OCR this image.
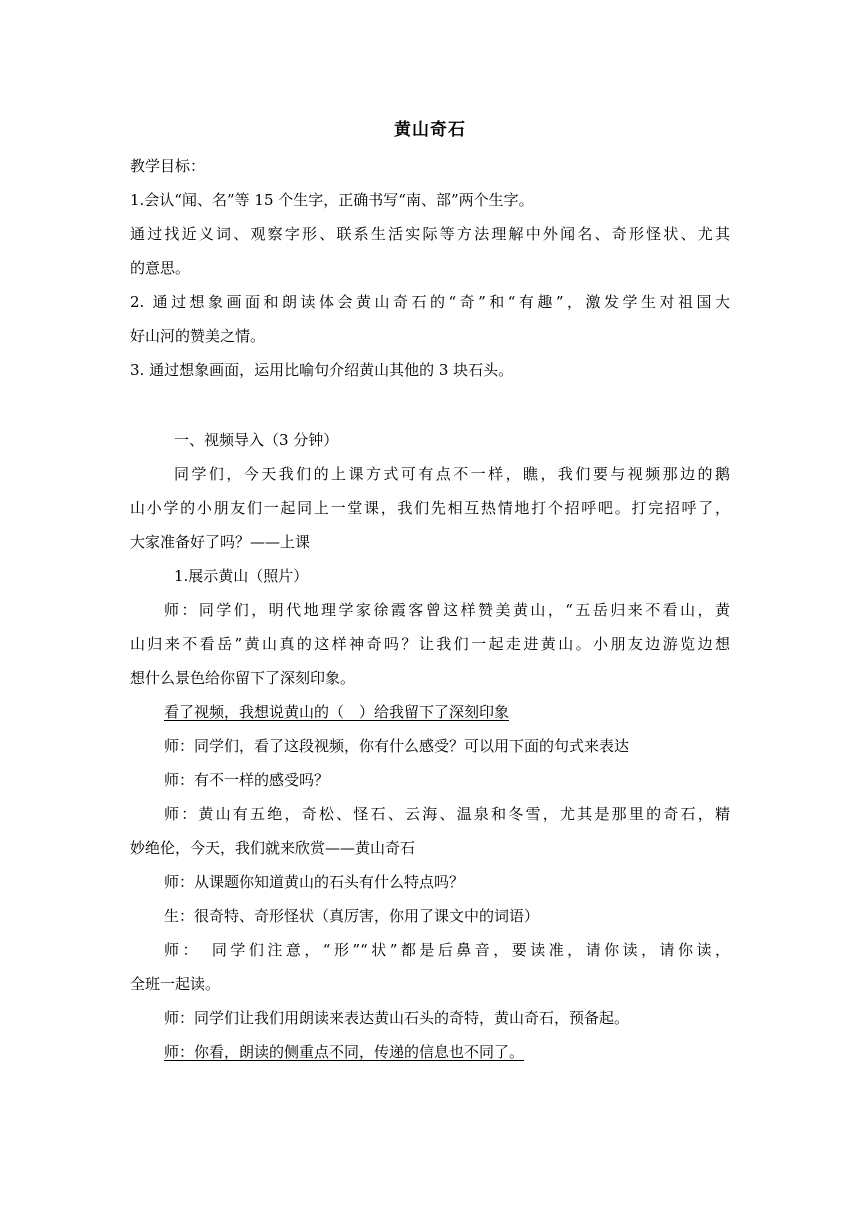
黄山奇石
教学目标：
1.会认“闻、名”等 15 个生字，正确书写“南、部”两个生字。
通过找近义词、观察字形、联系生活实际等方法理解中外闻名、奇形怪状、尤其
的意思。
2. 通过想象画面和朗读体会黄山奇石的“奇”和“有趣”，激发学生对祖国大
好山河的赞美之情。
3. 通过想象画面，运用比喻句介绍黄山其他的 3 块石头。
一、视频导入（3 分钟）
同学们，今天我们的上课方式可有点不一样，瞧，我们要与视频那边的鹅
山小学的小朋友们一起同上一堂课，我们先相互热情地打个招呼吧。打完招呼了，
大家准备好了吗？——上课
1.展示黄山（照片）
师：同学们，明代地理学家徐霞客曾这样赞美黄山，“五岳归来不看山，黄
山归来不看岳”黄山真的这样神奇吗？让我们一起走进黄山。小朋友边游览边想
想什么景色给你留下了深刻印象。
看了视频，我想说黄山的（　）给我留下了深刻印象
师：同学们，看了这段视频，你有什么感受？可以用下面的句式来表达
师：有不一样的感受吗？
师：黄山有五绝，奇松、怪石、云海、温泉和冬雪，尤其是那里的奇石，精
妙绝伦，今天，我们就来欣赏——黄山奇石
师：从课题你知道黄山的石头有什么特点吗？
生：很奇特、奇形怪状（真厉害，你用了课文中的词语）
师：　同学们注意，“形”“状”都是后鼻音，要读准，请你读，请你读，
全班一起读。
师：同学们让我们用朗读来表达黄山石头的奇特，黄山奇石，预备起。
师：你看，朗读的侧重点不同，传递的信息也不同了。
